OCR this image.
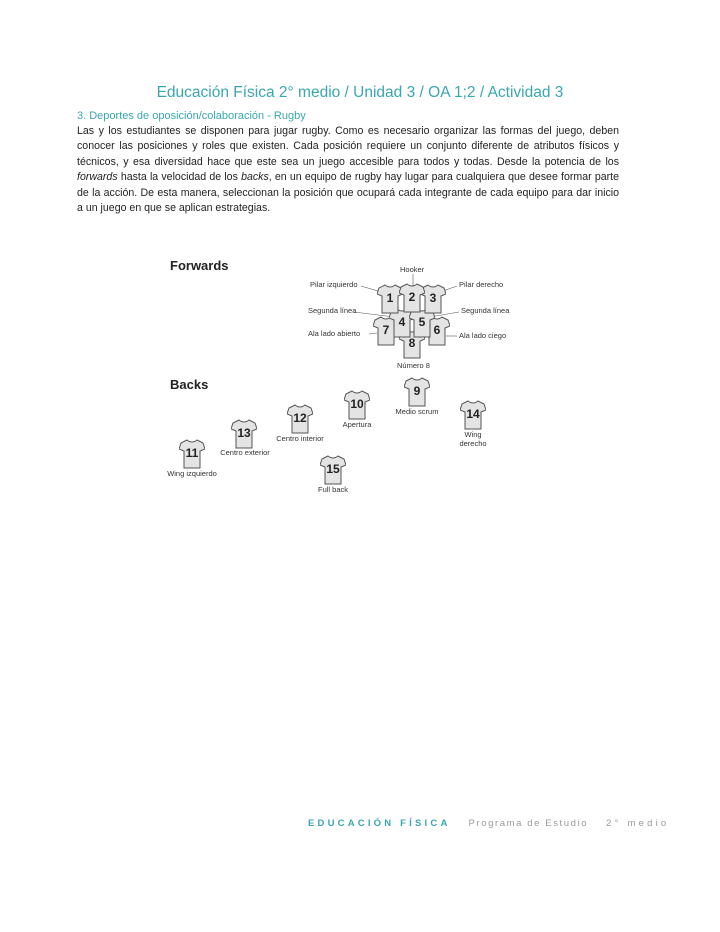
Educación Física 2° medio / Unidad 3 / OA 1;2 / Actividad 3
3. Deportes de oposición/colaboración - Rugby
Las y los estudiantes se disponen para jugar rugby. Como es necesario organizar las formas del juego, deben conocer las posiciones y roles que existen. Cada posición requiere un conjunto diferente de atributos físicos y técnicos, y esa diversidad hace que este sea un juego accesible para todos y todas. Desde la potencia de los forwards hasta la velocidad de los backs, en un equipo de rugby hay lugar para cualquiera que desee formar parte de la acción. De esta manera, seleccionan la posición que ocupará cada integrante de cada equipo para dar inicio a un juego en que se aplican estrategias.
Forwards
Backs
Pilar izquierdo
Hooker
Pilar derecho
Segunda línea	Segunda línea
Ala lado ciego
Ala lado abierto
Número 8
8
7	6
4	5
1	3
2
9
Medio scrum
10
Apertura
11
Wing izquierdo
12
Centro interior
13
Centro exterior
14
Wing derecho
15
Full back
EDUCACIÓN FÍSICA Programa de Estudio 2° medio
